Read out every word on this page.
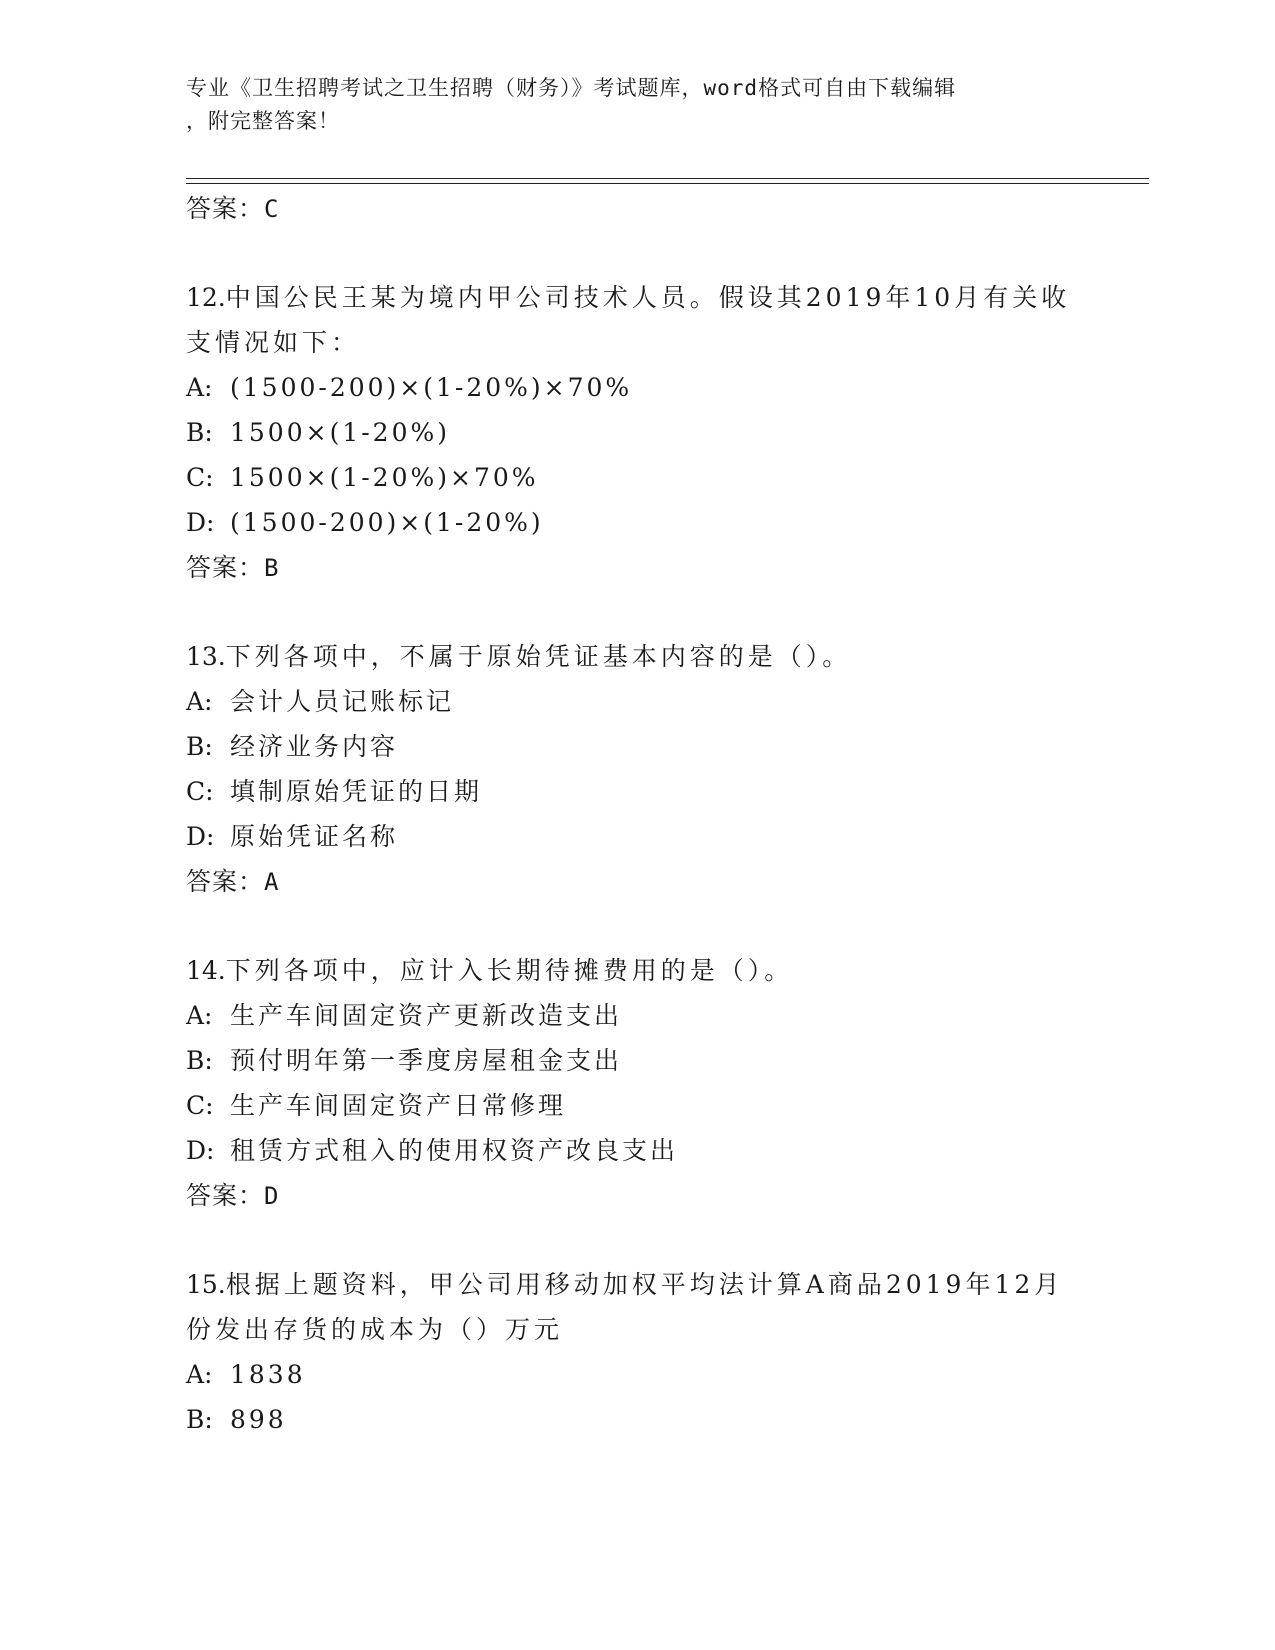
专业《卫生招聘考试之卫生招聘（财务）》考试题库，word格式可自由下载编辑
，附完整答案！
答案：C
12.中国公民王某为境内甲公司技术人员。假设其2019年10月有关收
支情况如下：
A: (1500-200)×(1-20%)×70%
B: 1500×(1-20%)
C: 1500×(1-20%)×70%
D: (1500-200)×(1-20%)
答案：B
13.下列各项中，不属于原始凭证基本内容的是（）。
A: 会计人员记账标记
B: 经济业务内容
C: 填制原始凭证的日期
D: 原始凭证名称
答案：A
14.下列各项中，应计入长期待摊费用的是（）。
A: 生产车间固定资产更新改造支出
B: 预付明年第一季度房屋租金支出
C: 生产车间固定资产日常修理
D: 租赁方式租入的使用权资产改良支出
答案：D
15.根据上题资料，甲公司用移动加权平均法计算A商品2019年12月
份发出存货的成本为（）万元
A: 1838
B: 898
